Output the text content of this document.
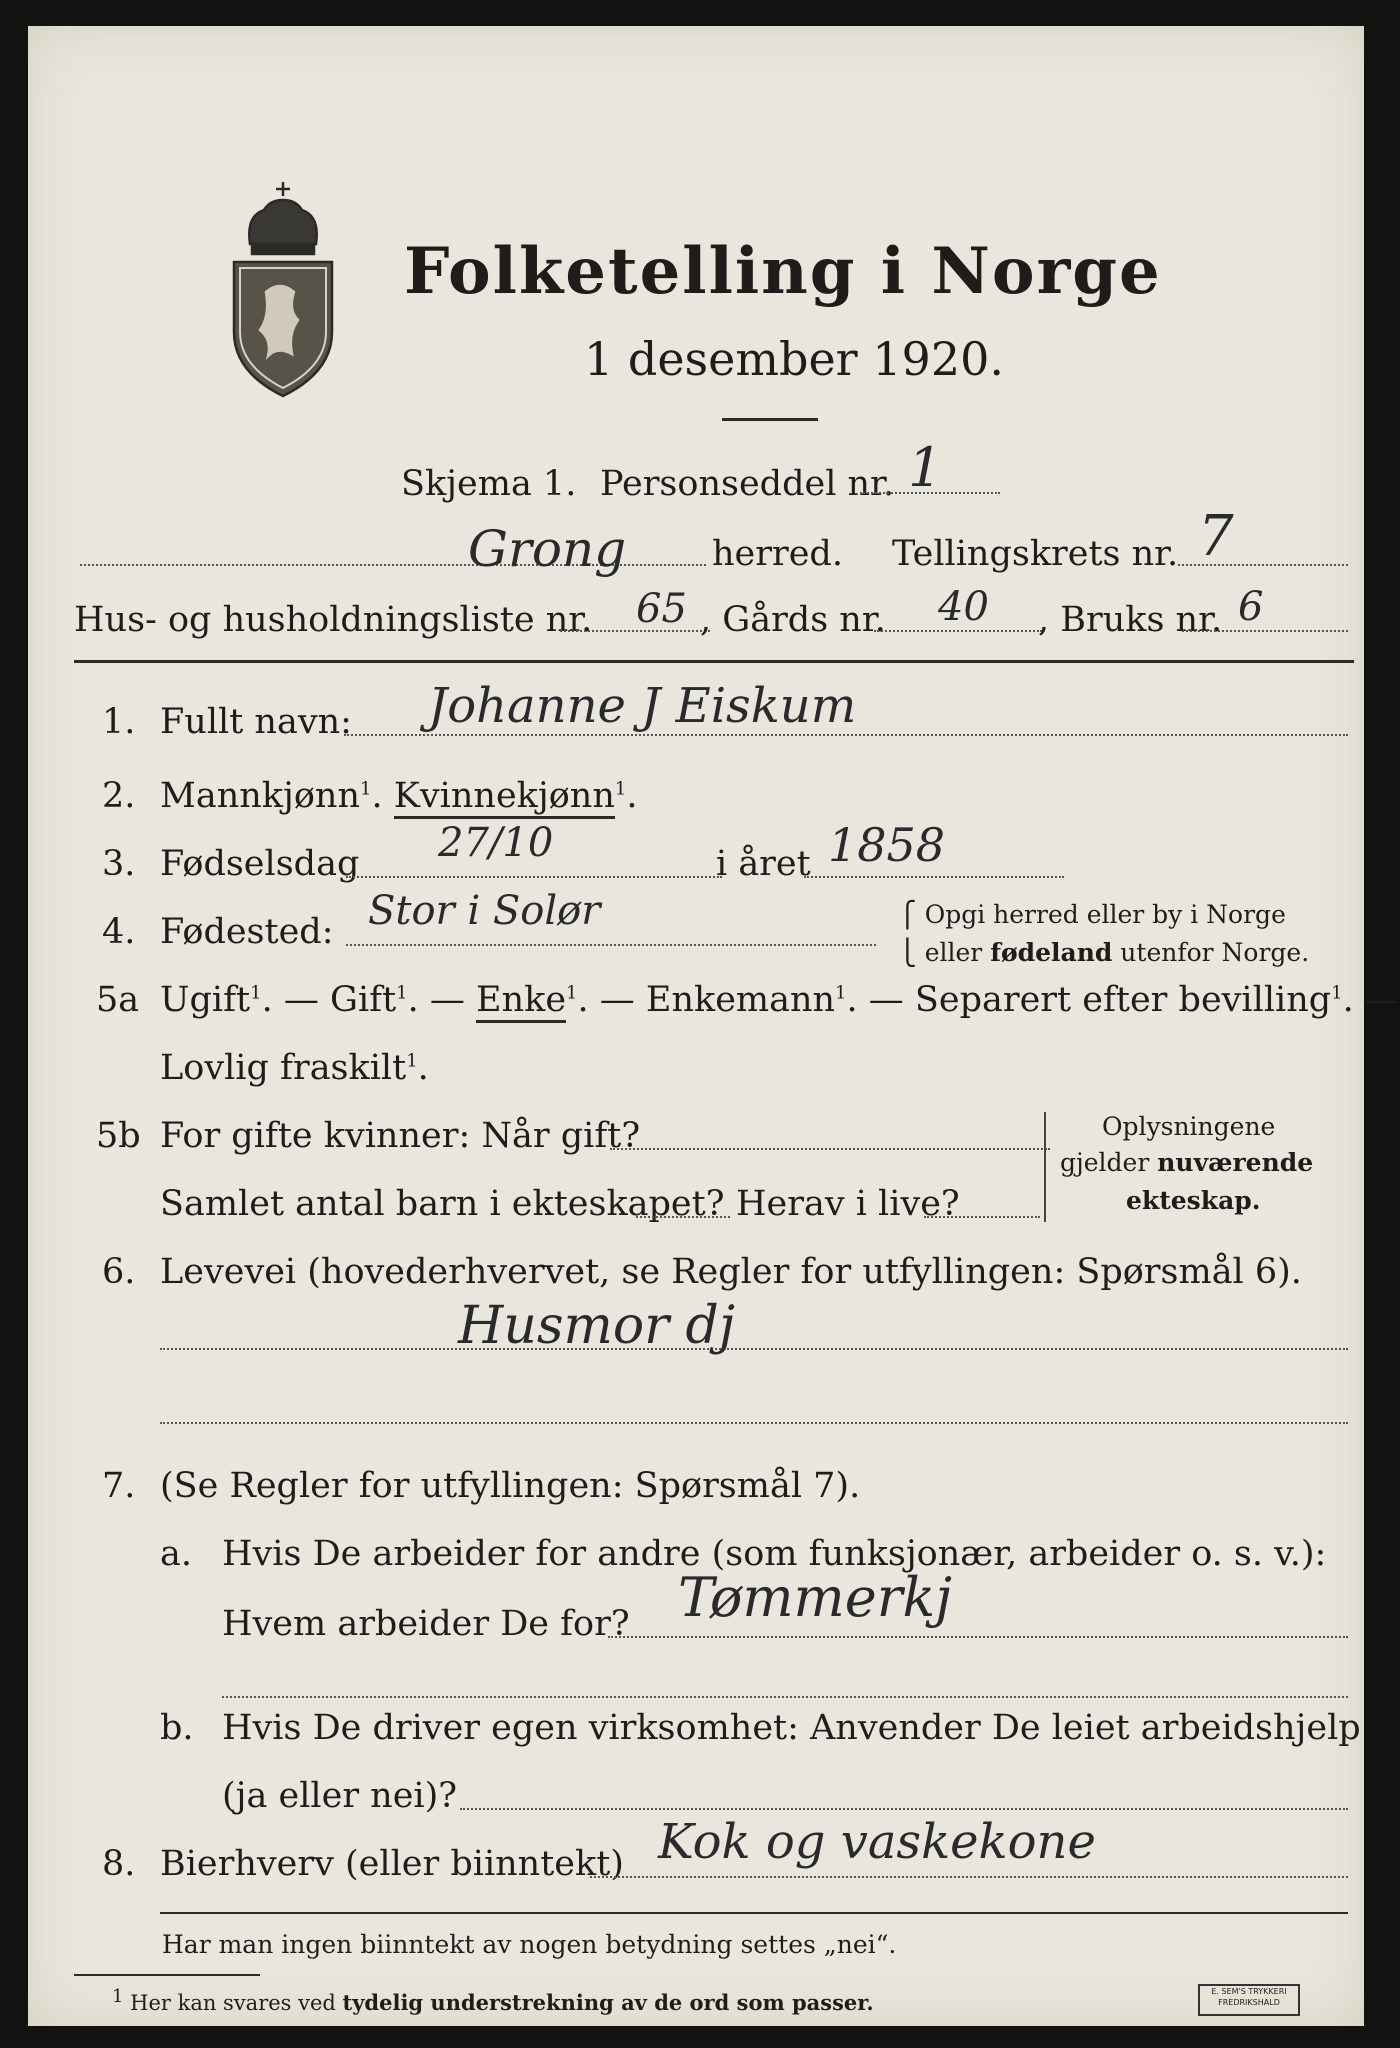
Folketelling i Norge
1 desember 1920.
Skjema 1. Personseddel nr. 1
Grong herred. Tellingskrets nr. 7
Hus- og husholdningsliste nr. 65 , Gårds nr. 40 , Bruks nr. 6
1. Fullt navn: Johanne J Eiskum
2. Mannkjønn$^1$. Kvinnekjønn$^1$.
3. Fødselsdag 27/10	i året 1858
4. Fødested: Stor i Solør	⎧ Opgi herred eller by i Norge
⎩ eller fødeland utenfor Norge.
5a Ugift$^1$. — Gift$^1$. — Enke$^1$. — Enkemann$^1$. — Separert efter bevilling$^1$. —
Lovlig fraskilt$^1$.
5b For gifte kvinner: Når gift?
Samlet antal barn i ekteskapet? Herav i live?
Oplysningene
gjelder nuværende
ekteskap.
6. Levevei (hovederhvervet, se Regler for utfyllingen: Spørsmål 6).
Husmor dj
7. (Se Regler for utfyllingen: Spørsmål 7).
a. Hvis De arbeider for andre (som funksjonær, arbeider o. s. v.):
Hvem arbeider De for? Tømmerkj
b. Hvis De driver egen virksomhet: Anvender De leiet arbeidshjelp
(ja eller nei)?
8. Bierhverv (eller biinntekt) Kok og vaskekone
Har man ingen biinntekt av nogen betydning settes „nei“.
$^1$ Her kan svares ved tydelig understrekning av de ord som passer.	E. SEM'S TRYKKERI
FREDRIKSHALD
